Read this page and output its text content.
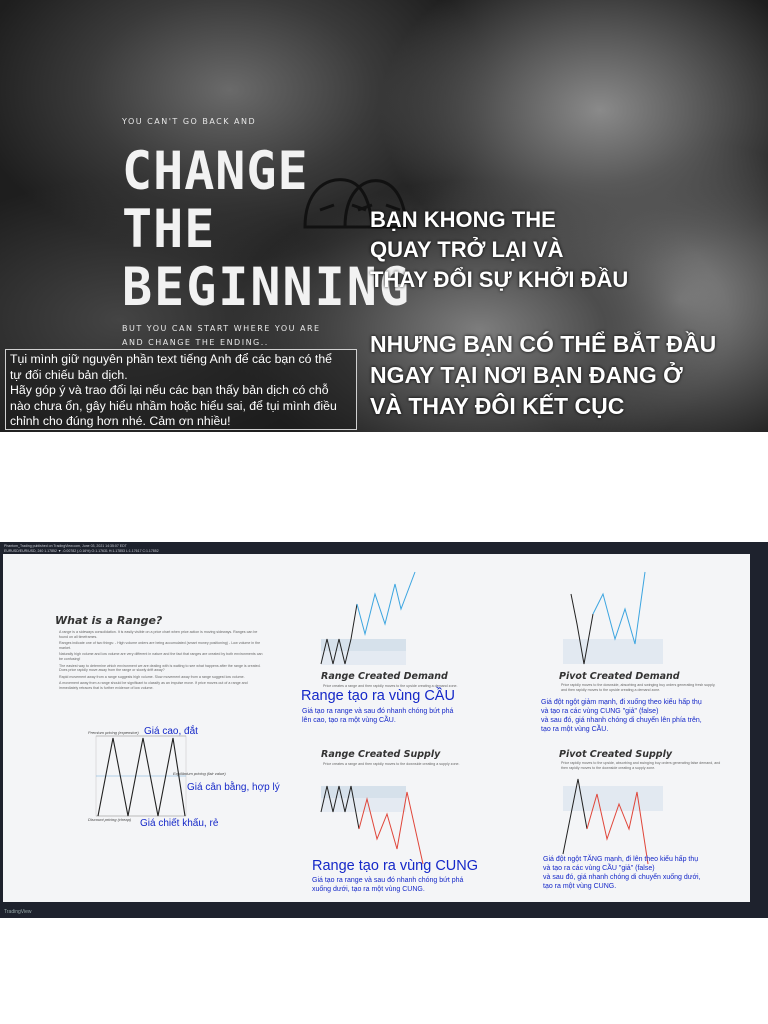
YOU CAN'T GO BACK AND
CHANGE
THE
BEGINNING
BUT YOU CAN START WHERE YOU ARE
AND CHANGE THE ENDING..
BẠN KHONG THE
QUAY TRỞ LẠI VÀ
THAY ĐỔI SỰ KHỞI ĐẦU
NHƯNG BẠN CÓ THỂ BẮT ĐẦU
NGAY TẠI NƠI BẠN ĐANG Ở
VÀ THAY ĐÔI KẾT CỤC
Tụi mình giữ nguyên phần text tiếng Anh để các bạn có thể
tự đối chiếu bản dịch.
Hãy góp ý và trao đổi lại nếu các bạn thấy bản dịch có chỗ
nào chưa ổn, gây hiểu nhầm hoặc hiểu sai, để tụi mình điều
chỉnh cho đúng hơn nhé. Cảm ơn nhiều!
Phantom_Trading published on TradingView.com, June 03, 2021 14:35:07 EDT
EURUSD/EUR/USD, 240 1.17852 ▼ -0.00782 (-0.16%) O:1.17631 H:1.17853 L:1.17617 C:1.17852
What is a Range?
A range is a sideways consolidation. It is easily visible on a price chart when price action is moving sideways. Ranges can be found on all timeframes.
Ranges indicate one of two things: - High volume orders are being accumulated (smart money positioning) - Low volume in the market.
Naturally high volume and low volume are very different in nature and the fact that ranges are created by both environments can be confusing!
The easiest way to determine which environment we are dealing with is waiting to see what happens after the range is created. Does price rapidly move away from the range or slowly drift away?
Rapid movement away from a range suggests high volume. Slow movement away from a range suggest low volume.
A movement away from a range should be significant to classify as an impulse move. If price moves out of a range and immediately retraces that is further evidence of low volume.
Premium pricing (expensive)
Equilibrium pricing (fair value)
Discount pricing (cheap)
Giá cao, đắt
Giá cân bằng, hợp lý
Giá chiết khấu, rẻ
Range Created Demand
Price creates a range and then rapidly moves to the upside creating a demand zone.
Range tạo ra vùng CẦU
Giá tạo ra range và sau đó nhanh chóng bứt phá
lên cao, tạo ra một vùng CẦU.
Pivot Created Demand
Price rapidly moves to the downside, absorbing and swinging buy orders generating fresh supply, and then rapidly moves to the upside creating a demand zone.
Giá đột ngột giảm mạnh, đi xuống theo kiểu hấp thụ
và tạo ra các vùng CUNG "giả" (false)
và sau đó, giá nhanh chóng di chuyển lên phía trên,
tạo ra một vùng CẦU.
Range Created Supply
Price creates a range and then rapidly moves to the downside creating a supply zone.
Range tạo ra vùng CUNG
Giá tạo ra range và sau đó nhanh chóng bứt phá
xuống dưới, tạo ra một vùng CUNG.
Pivot Created Supply
Price rapidly moves to the upside, absorbing and swinging buy orders generating false demand, and then rapidly moves to the downside creating a supply zone.
Giá đột ngột TĂNG mạnh, đi lên theo kiểu hấp thụ
và tạo ra các vùng CẦU "giả" (false)
và sau đó, giá nhanh chóng di chuyển xuống dưới,
tạo ra một vùng CUNG.
TradingView
